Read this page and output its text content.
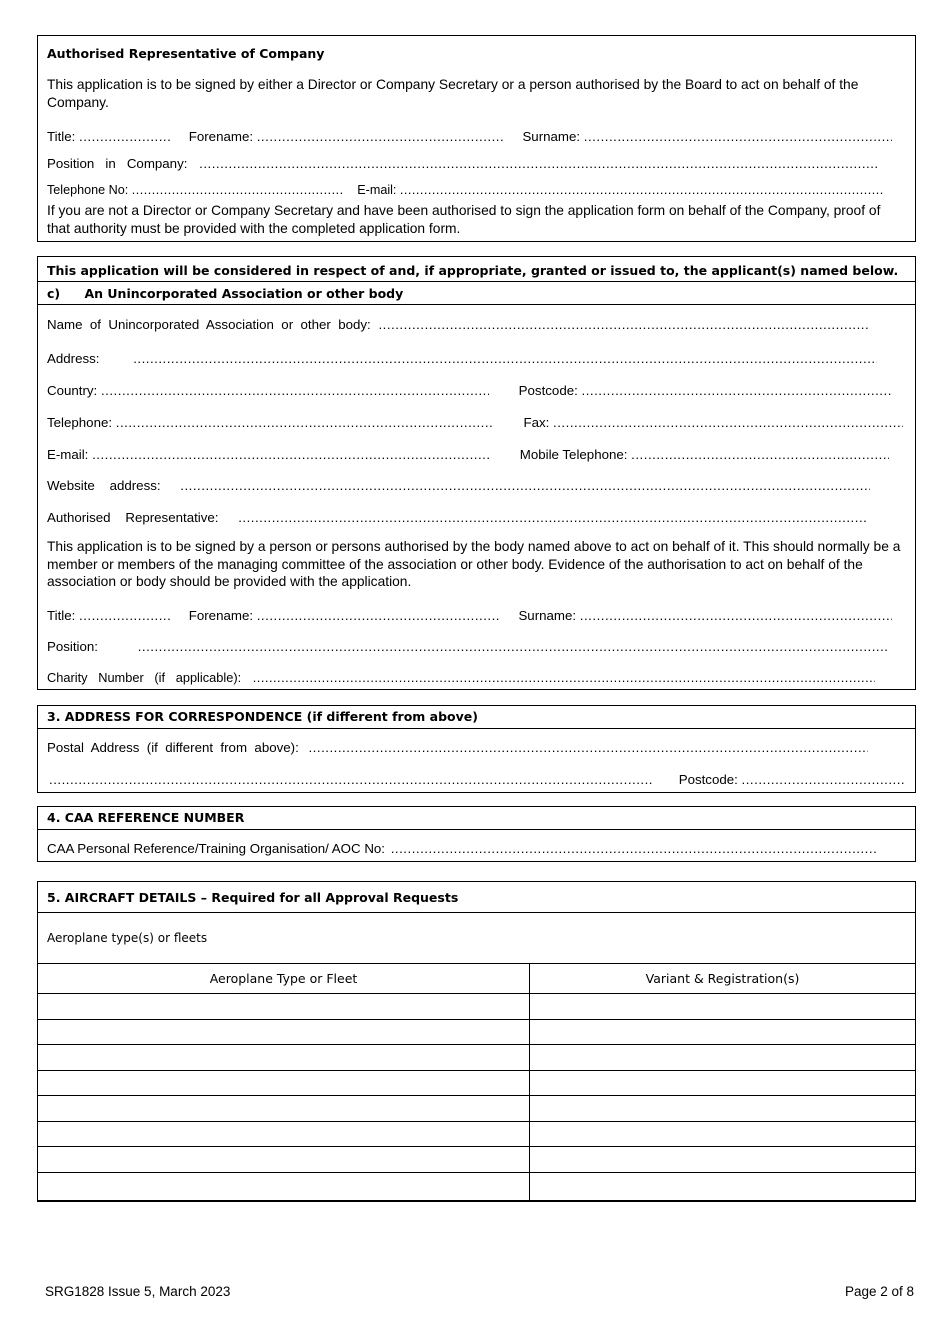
Authorised Representative of Company
This application is to be signed by either a Director or Company Secretary or a person authorised by the Board to act on behalf of the Company.
Title: .....	Forename: .....	Surname: .....
Position   in   Company: .....
Telephone No: .....	E-mail: .....
If you are not a Director or Company Secretary and have been authorised to sign the application form on behalf of the Company, proof of that authority must be provided with the completed application form.
This application will be considered in respect of and, if appropriate, granted or issued to, the applicant(s) named below.
c) An Unincorporated Association or other body
Name  of  Unincorporated  Association  or  other  body: .....
Address: .....
Country: .....	Postcode: .....
Telephone: .....	Fax: .....
E-mail: .....	Mobile Telephone: .....
Website    address: .....
Authorised    Representative: .....
This application is to be signed by a person or persons authorised by the body named above to act on behalf of it. This should normally be a member or members of the managing committee of the association or other body. Evidence of the authorisation to act on behalf of the association or body should be provided with the application.
Title: .....	Forename: .....	Surname: .....
Position: .....
Charity   Number   (if   applicable): .....
3. ADDRESS FOR CORRESPONDENCE (if different from above)
Postal  Address  (if  different  from  above): .....
..... Postcode: .....
4. CAA REFERENCE NUMBER
CAA Personal Reference/Training Organisation/ AOC No: .....
5. AIRCRAFT DETAILS – Required for all Approval Requests
Aeroplane type(s) or fleets
Aeroplane Type or Fleet	Variant & Registration(s)

SRG1828 Issue 5, March 2023	Page 2 of 8
